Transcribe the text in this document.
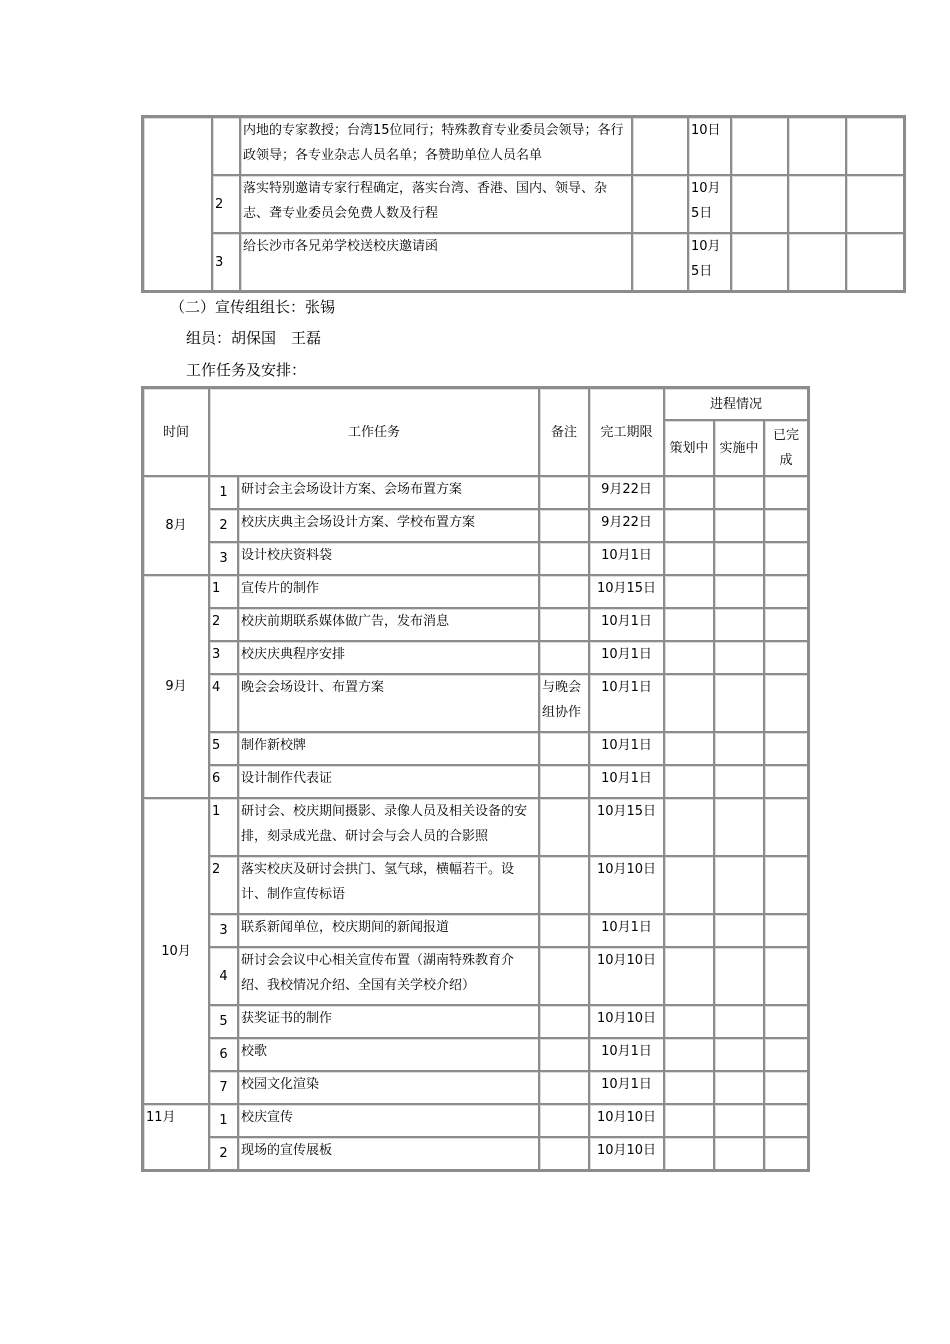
		内地的专家教授；台湾15位同行；特殊教育专业委员会领导；各行政领导；各专业杂志人员名单；各赞助单位人员名单		10日			
	2	落实特别邀请专家行程确定，落实台湾、香港、国内、领导、杂志、聋专业委员会免费人数及行程		10月5日			
	3	给长沙市各兄弟学校送校庆邀请函		10月5日			
（二）宣传组组长：张锡
组员：胡保国　王磊
工作任务及安排：
时间	工作任务		备注	完工期限	进程情况		
					策划中	实施中	已完成
8月	1	研讨会主会场设计方案、会场布置方案		9月22日			
	2	校庆庆典主会场设计方案、学校布置方案		9月22日			
	3	设计校庆资料袋		10月1日			
9月	1	宣传片的制作		10月15日			
	2	校庆前期联系媒体做广告，发布消息		10月1日			
	3	校庆庆典程序安排		10月1日			
	4	晚会会场设计、布置方案	与晚会组协作	10月1日			
	5	制作新校牌		10月1日			
	6	设计制作代表证		10月1日			
10月	1	研讨会、校庆期间摄影、录像人员及相关设备的安排，刻录成光盘、研讨会与会人员的合影照		10月15日			
	2	落实校庆及研讨会拱门、氢气球，横幅若干。设计、制作宣传标语		10月10日			
	3	联系新闻单位，校庆期间的新闻报道		10月1日			
	4	研讨会会议中心相关宣传布置（湖南特殊教育介绍、我校情况介绍、全国有关学校介绍）		10月10日			
	5	获奖证书的制作		10月10日			
	6	校歌		10月1日			
	7	校园文化渲染		10月1日			
11月	1	校庆宣传		10月10日			
	2	现场的宣传展板		10月10日			
